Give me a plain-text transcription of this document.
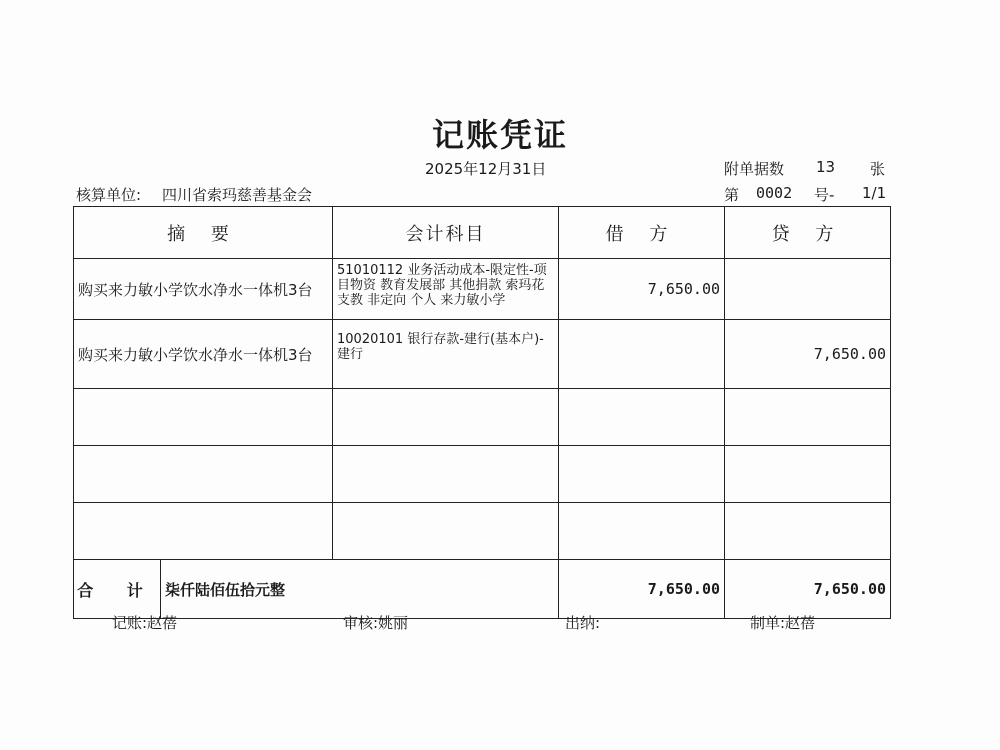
记账凭证
2025年12月31日	附单据数 13 张
核算单位: 四川省索玛慈善基金会	第 0002 号- 1/1
摘 要		会计科目	借 方	贷 方
购买来力敏小学饮水净水一体机3台		51010112 业务活动成本-限定性-项目物资 教育发展部 其他捐款 索玛花支教 非定向 个人 来力敏小学	7,650.00	
购买来力敏小学饮水净水一体机3台		10020101 银行存款-建行(基本户)-建行		7,650.00

合 计	柒仟陆佰伍拾元整		7,650.00	7,650.00
记账:赵蓓	审核:姚丽	出纳:	制单:赵蓓
